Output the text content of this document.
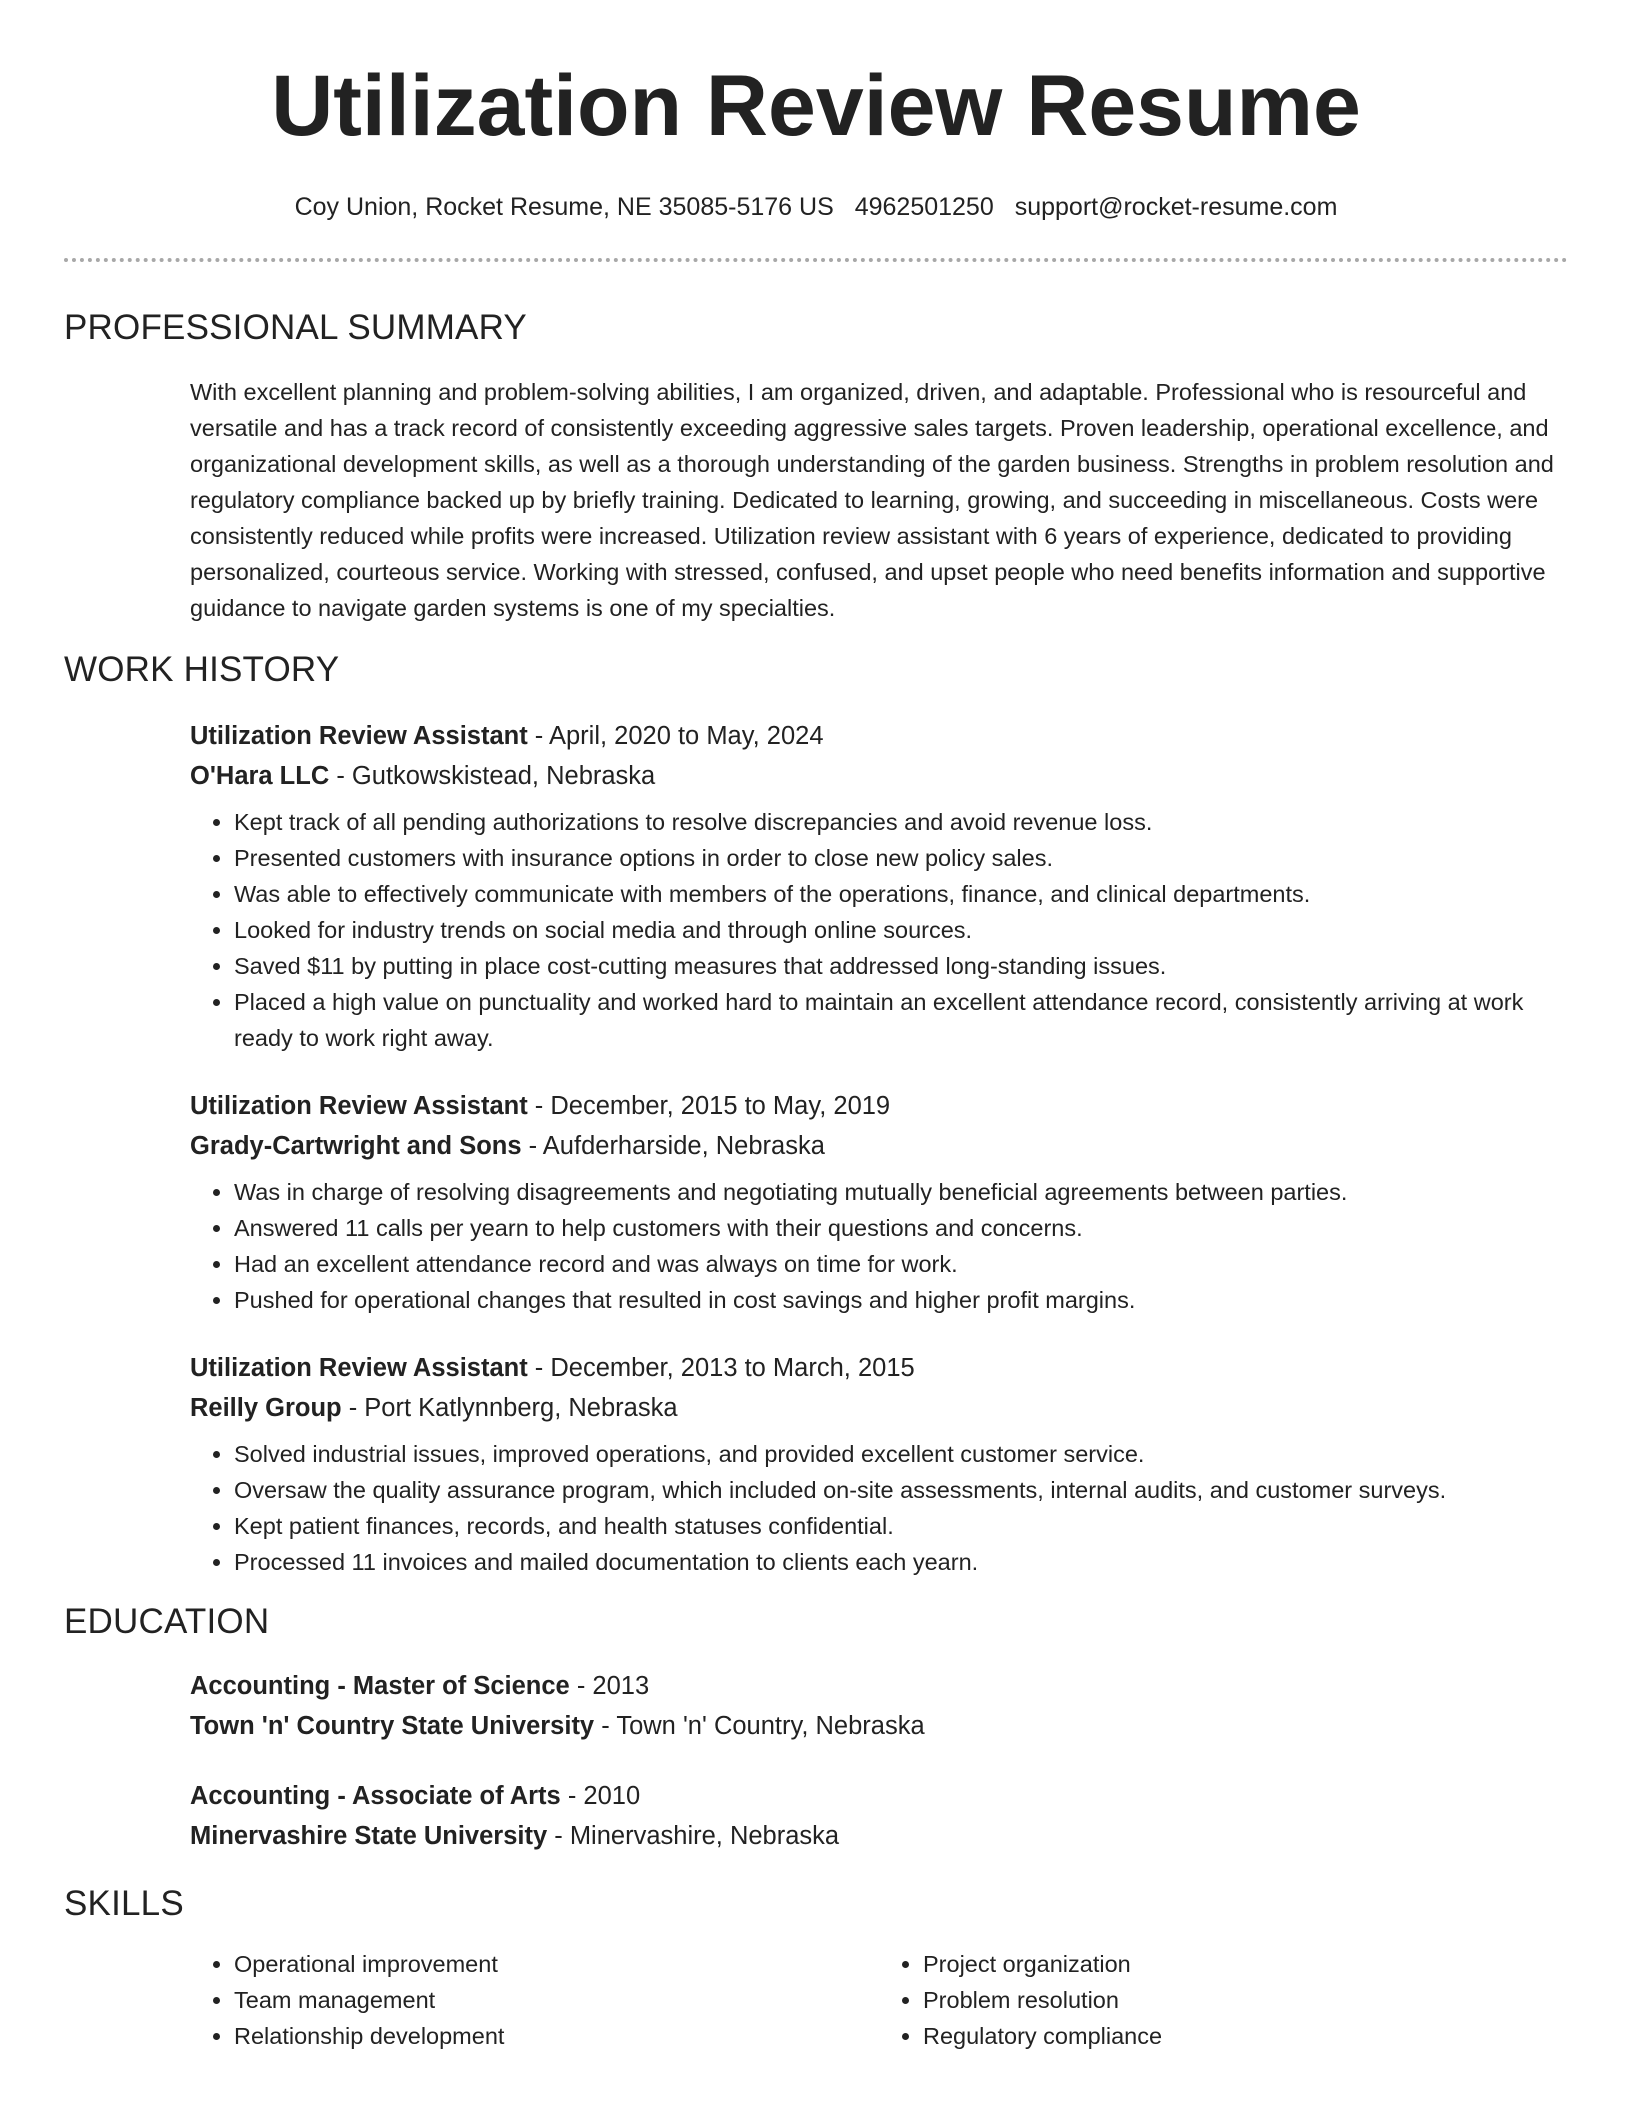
Utilization Review Resume
Coy Union, Rocket Resume, NE 35085-5176 US 4962501250 support@rocket-resume.com
PROFESSIONAL SUMMARY

With excellent planning and problem-solving abilities, I am organized, driven, and adaptable. Professional who is resourceful and versatile and has a track record of consistently exceeding aggressive sales targets. Proven leadership, operational excellence, and organizational development skills, as well as a thorough understanding of the garden business. Strengths in problem resolution and regulatory compliance backed up by briefly training. Dedicated to learning, growing, and succeeding in miscellaneous. Costs were consistently reduced while profits were increased. Utilization review assistant with 6 years of experience, dedicated to providing personalized, courteous service. Working with stressed, confused, and upset people who need benefits information and supportive guidance to navigate garden systems is one of my specialties.

WORK HISTORY
Utilization Review Assistant - April, 2020 to May, 2024
O'Hara LLC - Gutkowskistead, Nebraska
• Kept track of all pending authorizations to resolve discrepancies and avoid revenue loss.
• Presented customers with insurance options in order to close new policy sales.
• Was able to effectively communicate with members of the operations, finance, and clinical departments.
• Looked for industry trends on social media and through online sources.
• Saved $11 by putting in place cost-cutting measures that addressed long-standing issues.
• Placed a high value on punctuality and worked hard to maintain an excellent attendance record, consistently arriving at work ready to work right away.
Utilization Review Assistant - December, 2015 to May, 2019
Grady-Cartwright and Sons - Aufderharside, Nebraska
• Was in charge of resolving disagreements and negotiating mutually beneficial agreements between parties.
• Answered 11 calls per yearn to help customers with their questions and concerns.
• Had an excellent attendance record and was always on time for work.
• Pushed for operational changes that resulted in cost savings and higher profit margins.
Utilization Review Assistant - December, 2013 to March, 2015
Reilly Group - Port Katlynnberg, Nebraska
• Solved industrial issues, improved operations, and provided excellent customer service.
• Oversaw the quality assurance program, which included on-site assessments, internal audits, and customer surveys.
• Kept patient finances, records, and health statuses confidential.
• Processed 11 invoices and mailed documentation to clients each yearn.
EDUCATION
Accounting - Master of Science - 2013
Town 'n' Country State University - Town 'n' Country, Nebraska
Accounting - Associate of Arts - 2010
Minervashire State University - Minervashire, Nebraska
SKILLS
• Operational improvement
• Team management
• Relationship development
• Project organization
• Problem resolution
• Regulatory compliance
